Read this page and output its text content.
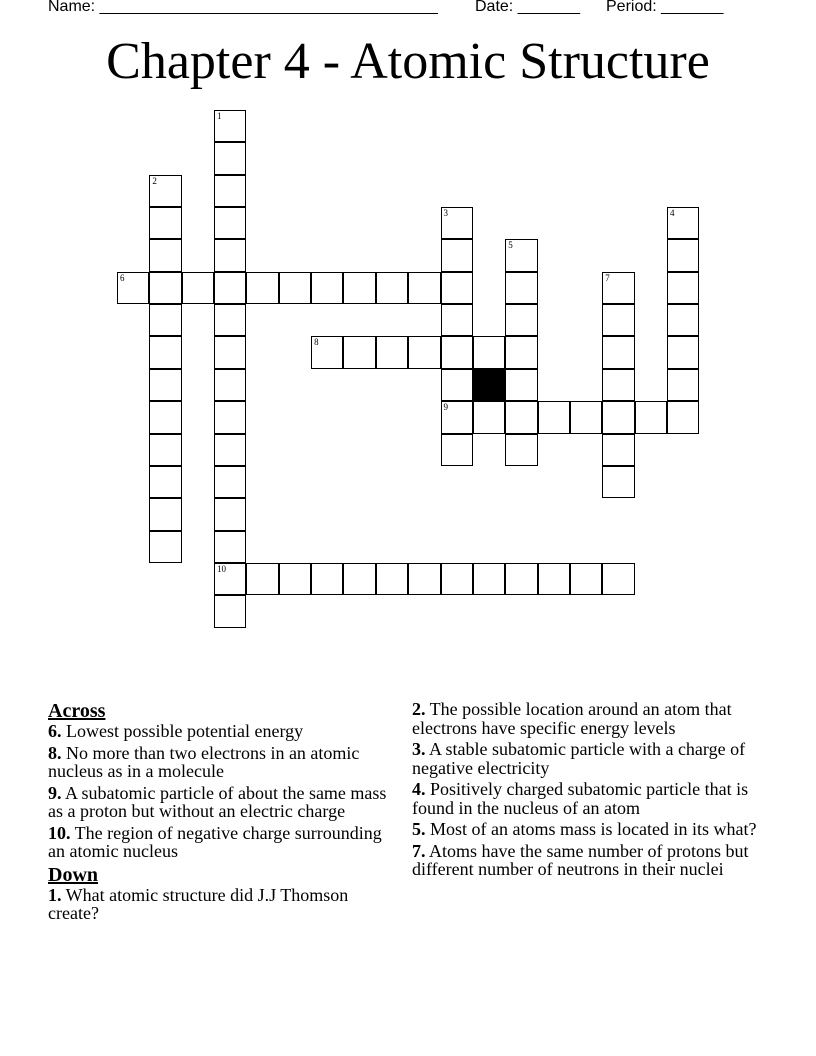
Name: ______________________________________

Date: _______

Period: _______

Chapter 4 - Atomic Structure
1
10
2
3
9
4
5
6	7
8
Across
6. Lowest possible potential energy
8. No more than two electrons in an atomic nucleus as in a molecule
9. A subatomic particle of about the same mass as a proton but without an electric charge
10. The region of negative charge surrounding an atomic nucleus
Down
1. What atomic structure did J.J Thomson create?
2. The possible location around an atom that electrons have specific energy levels
3. A stable subatomic particle with a charge of negative electricity
4. Positively charged subatomic particle that is found in the nucleus of an atom
5. Most of an atoms mass is located in its what?
7. Atoms have the same number of protons but different number of neutrons in their nuclei
